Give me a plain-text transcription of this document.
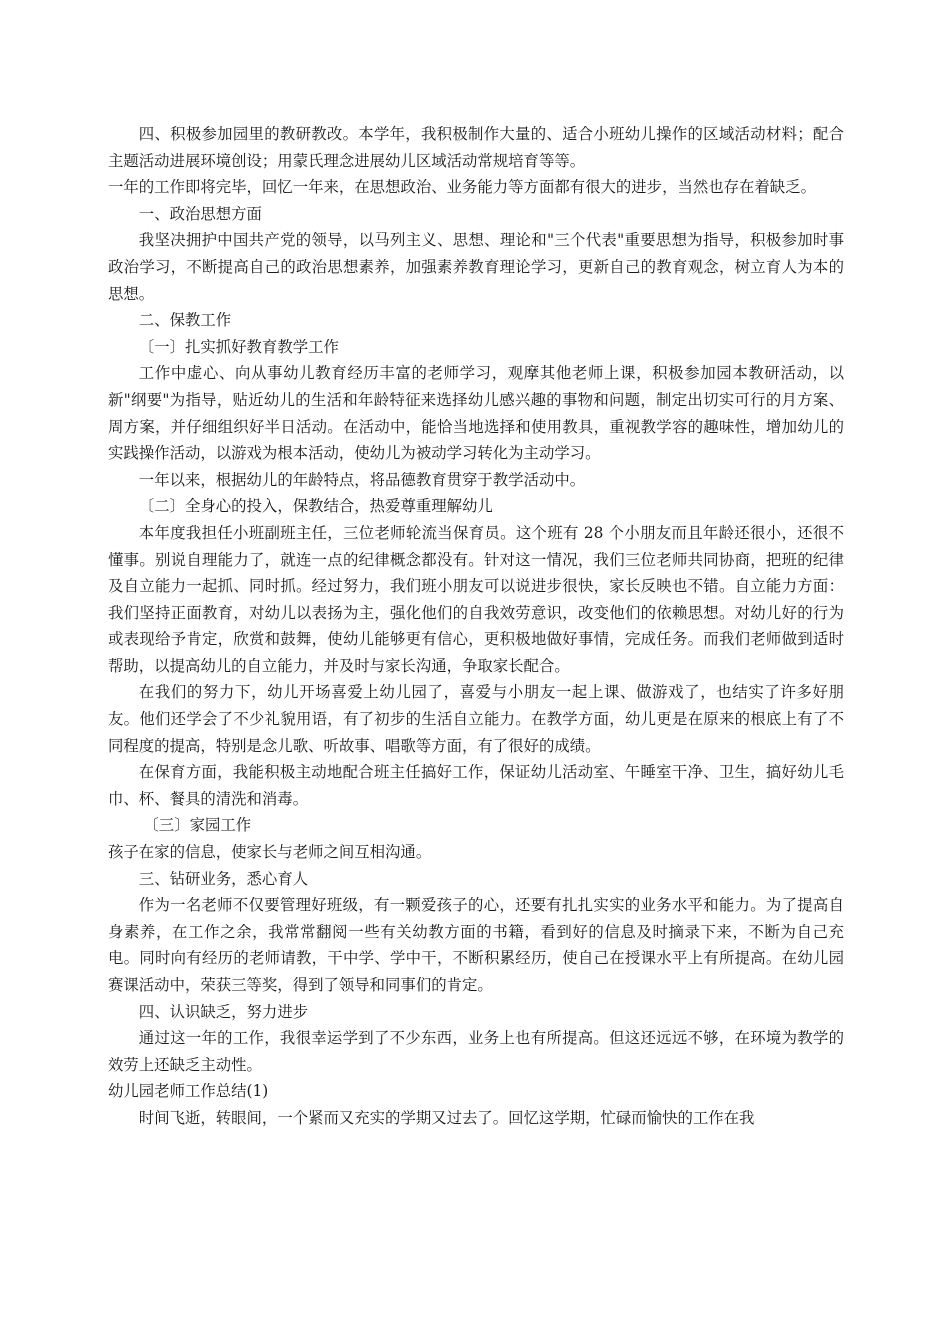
四、积极参加园里的教研教改。本学年，我积极制作大量的、适合小班幼儿操作的区域活动材料；配合主题活动进展环境创设；用蒙氏理念进展幼儿区域活动常规培育等等。

一年的工作即将完毕，回忆一年来，在思想政治、业务能力等方面都有很大的进步，当然也存在着缺乏。

一、政治思想方面

我坚决拥护中国共产党的领导，以马列主义、思想、理论和"三个代表"重要思想为指导，积极参加时事政治学习，不断提高自己的政治思想素养，加强素养教育理论学习，更新自己的教育观念，树立育人为本的思想。

二、保教工作

〔一〕扎实抓好教育教学工作

工作中虚心、向从事幼儿教育经历丰富的老师学习，观摩其他老师上课，积极参加园本教研活动，以新"纲要"为指导，贴近幼儿的生活和年龄特征来选择幼儿感兴趣的事物和问题，制定出切实可行的月方案、周方案，并仔细组织好半日活动。在活动中，能恰当地选择和使用教具，重视教学容的趣味性，增加幼儿的实践操作活动，以游戏为根本活动，使幼儿为被动学习转化为主动学习。

一年以来，根据幼儿的年龄特点，将品德教育贯穿于教学活动中。

〔二〕全身心的投入，保教结合，热爱尊重理解幼儿

本年度我担任小班副班主任，三位老师轮流当保育员。这个班有 28 个小朋友而且年龄还很小，还很不懂事。别说自理能力了，就连一点的纪律概念都没有。针对这一情况，我们三位老师共同协商，把班的纪律及自立能力一起抓、同时抓。经过努力，我们班小朋友可以说进步很快，家长反映也不错。自立能力方面：我们坚持正面教育，对幼儿以表扬为主，强化他们的自我效劳意识，改变他们的依赖思想。对幼儿好的行为或表现给予肯定，欣赏和鼓舞，使幼儿能够更有信心，更积极地做好事情，完成任务。而我们老师做到适时帮助，以提高幼儿的自立能力，并及时与家长沟通，争取家长配合。

在我们的努力下，幼儿开场喜爱上幼儿园了，喜爱与小朋友一起上课、做游戏了，也结实了许多好朋友。他们还学会了不少礼貌用语，有了初步的生活自立能力。在教学方面，幼儿更是在原来的根底上有了不同程度的提高，特别是念儿歌、听故事、唱歌等方面，有了很好的成绩。

在保育方面，我能积极主动地配合班主任搞好工作，保证幼儿活动室、午睡室干净、卫生，搞好幼儿毛巾、杯、餐具的清洗和消毒。

〔三〕家园工作

孩子在家的信息，使家长与老师之间互相沟通。

三、钻研业务，悉心育人

作为一名老师不仅要管理好班级，有一颗爱孩子的心，还要有扎扎实实的业务水平和能力。为了提高自身素养，在工作之余，我常常翻阅一些有关幼教方面的书籍，看到好的信息及时摘录下来，不断为自己充电。同时向有经历的老师请教，干中学、学中干，不断积累经历，使自己在授课水平上有所提高。在幼儿园赛课活动中，荣获三等奖，得到了领导和同事们的肯定。

四、认识缺乏，努力进步

通过这一年的工作，我很幸运学到了不少东西，业务上也有所提高。但这还远远不够，在环境为教学的效劳上还缺乏主动性。

幼儿园老师工作总结(1)

时间飞逝，转眼间，一个紧而又充实的学期又过去了。回忆这学期，忙碌而愉快的工作在我
